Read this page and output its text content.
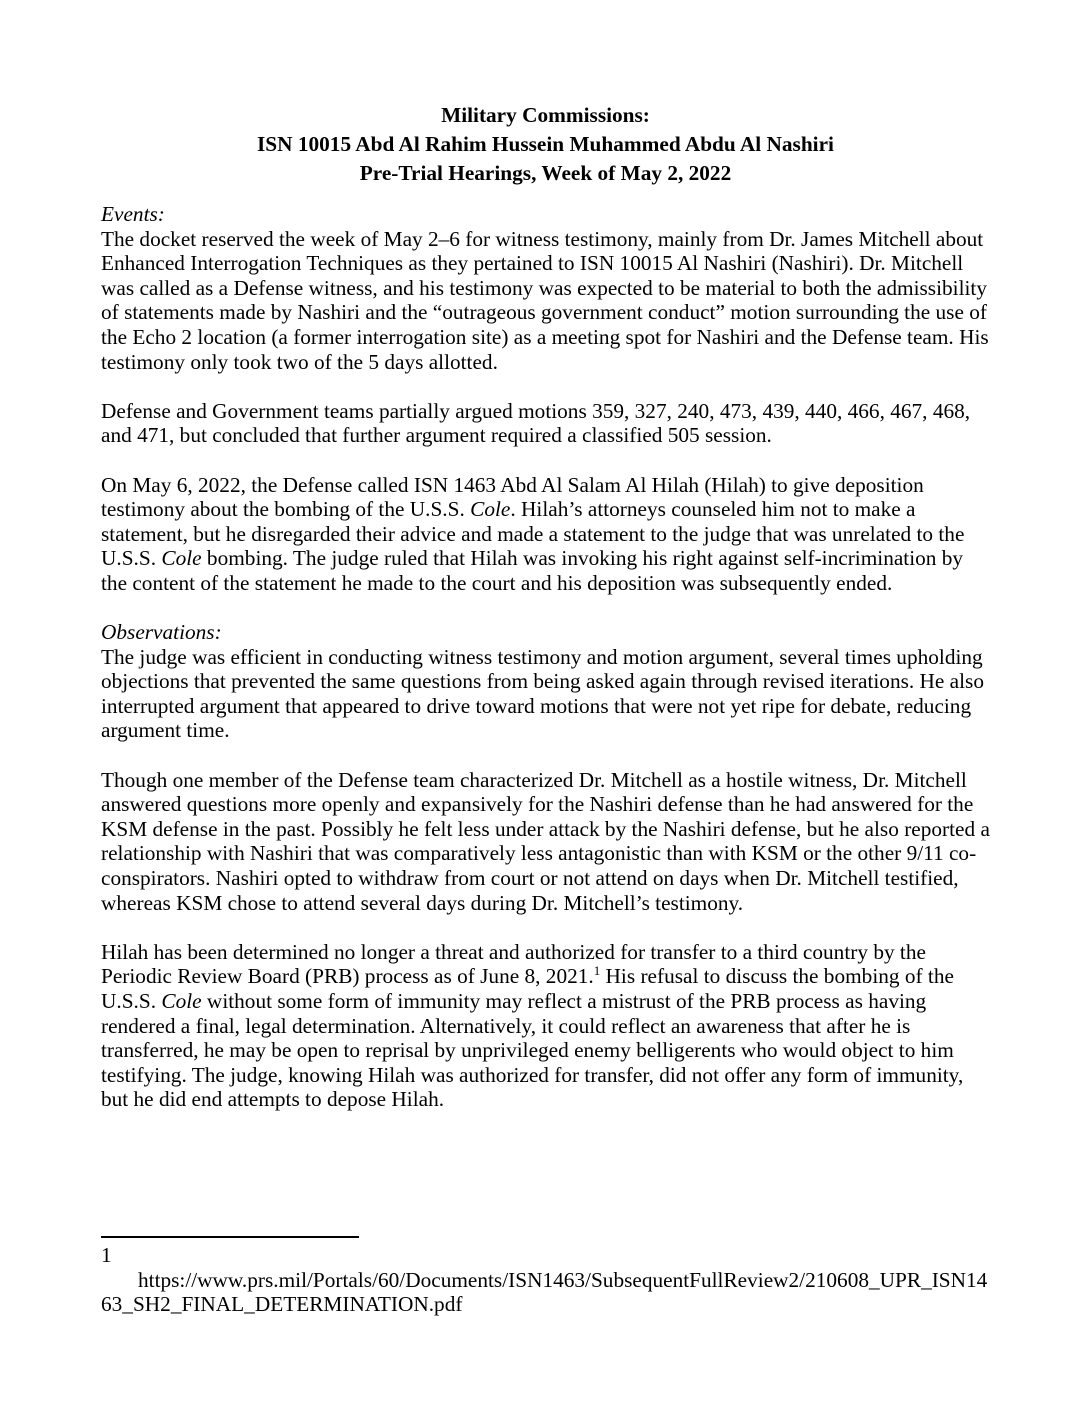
Military Commissions:
ISN 10015 Abd Al Rahim Hussein Muhammed Abdu Al Nashiri
Pre-Trial Hearings, Week of May 2, 2022
Events:

The docket reserved the week of May 2–6 for witness testimony, mainly from Dr. James Mitchell about Enhanced Interrogation Techniques as they pertained to ISN 10015 Al Nashiri (Nashiri). Dr. Mitchell was called as a Defense witness, and his testimony was expected to be material to both the admissibility of statements made by Nashiri and the “outrageous government conduct” motion surrounding the use of the Echo 2 location (a former interrogation site) as a meeting spot for Nashiri and the Defense team. His testimony only took two of the 5 days allotted.

Defense and Government teams partially argued motions 359, 327, 240, 473, 439, 440, 466, 467, 468, and 471, but concluded that further argument required a classified 505 session.

On May 6, 2022, the Defense called ISN 1463 Abd Al Salam Al Hilah (Hilah) to give deposition testimony about the bombing of the U.S.S. Cole. Hilah’s attorneys counseled him not to make a statement, but he disregarded their advice and made a statement to the judge that was unrelated to the U.S.S. Cole bombing. The judge ruled that Hilah was invoking his right against self-incrimination by the content of the statement he made to the court and his deposition was subsequently ended.

Observations:

The judge was efficient in conducting witness testimony and motion argument, several times upholding objections that prevented the same questions from being asked again through revised iterations. He also interrupted argument that appeared to drive toward motions that were not yet ripe for debate, reducing argument time.

Though one member of the Defense team characterized Dr. Mitchell as a hostile witness, Dr. Mitchell answered questions more openly and expansively for the Nashiri defense than he had answered for the KSM defense in the past. Possibly he felt less under attack by the Nashiri defense, but he also reported a relationship with Nashiri that was comparatively less antagonistic than with KSM or the other 9/11 co-conspirators. Nashiri opted to withdraw from court or not attend on days when Dr. Mitchell testified, whereas KSM chose to attend several days during Dr. Mitchell’s testimony.

Hilah has been determined no longer a threat and authorized for transfer to a third country by the Periodic Review Board (PRB) process as of June 8, 2021.$^1$ His refusal to discuss the bombing of the U.S.S. Cole without some form of immunity may reflect a mistrust of the PRB process as having rendered a final, legal determination. Alternatively, it could reflect an awareness that after he is transferred, he may be open to reprisal by unprivileged enemy belligerents who would object to him testifying. The judge, knowing Hilah was authorized for transfer, did not offer any form of immunity, but he did end attempts to depose Hilah.

1

https://www.prs.mil/Portals/60/Documents/ISN1463/SubsequentFullReview2/210608_UPR_ISN1463_SH2_FINAL_DETERMINATION.pdf
